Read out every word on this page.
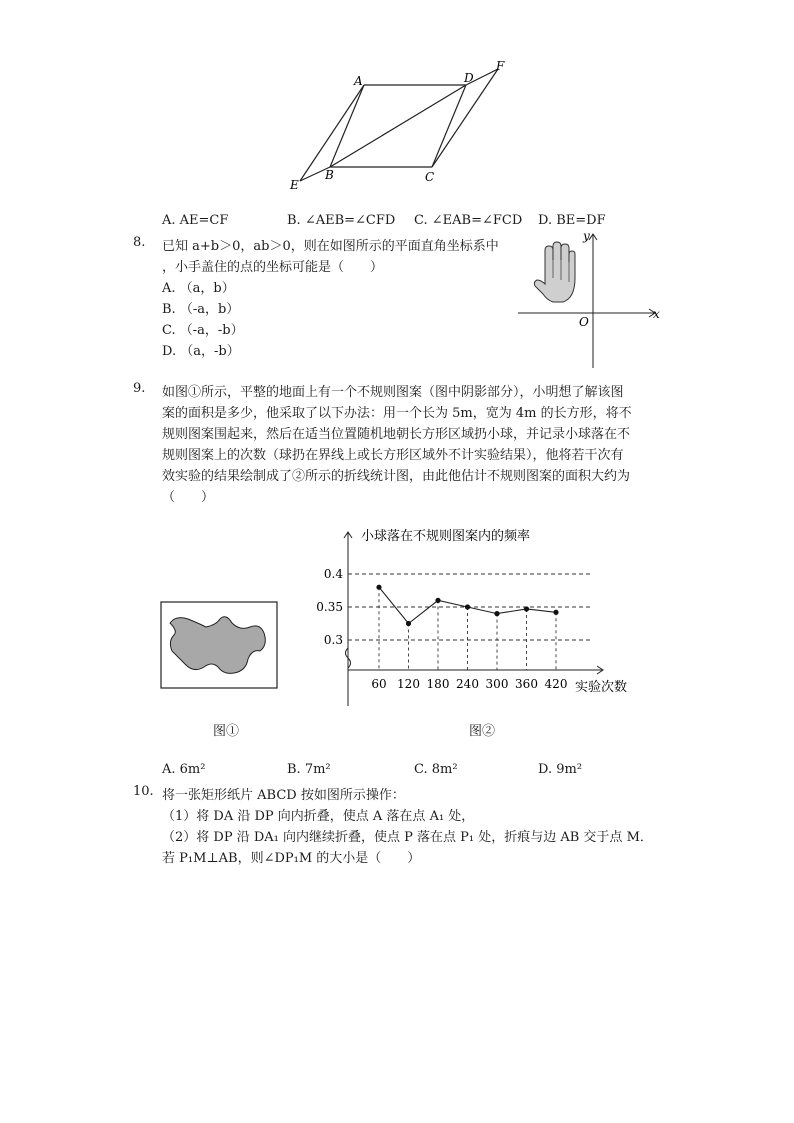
A	D
F
E
B	C
A. AE=CF	B. ∠AEB=∠CFD C. ∠EAB=∠FCD D. BE=DF
8. 已知 a+b＞0，ab＞0，则在如图所示的平面直角坐标系中
，小手盖住的点的坐标可能是（　　）
A. （a，b）
B. （-a，b）
C. （-a，-b）
D. （a，-b）
x
y
O
9. 如图①所示，平整的地面上有一个不规则图案（图中阴影部分），小明想了解该图
案的面积是多少，他采取了以下办法：用一个长为 5m，宽为 4m 的长方形，将不
规则图案围起来，然后在适当位置随机地朝长方形区域扔小球，并记录小球落在不
规则图案上的次数（球扔在界线上或长方形区域外不计实验结果），他将若干次有
效实验的结果绘制成了②所示的折线统计图，由此他估计不规则图案的面积大约为
（　　）
图①
小球落在不规则图案内的频率
0.4
0.35
0.3
60 120 180 240 300 360 420 实验次数
图②
A. 6m²	B. 7m²	C. 8m²	D. 9m²
10. 将一张矩形纸片 ABCD 按如图所示操作：
（1）将 DA 沿 DP 向内折叠，使点 A 落在点 A₁ 处，
（2）将 DP 沿 DA₁ 向内继续折叠，使点 P 落在点 P₁ 处，折痕与边 AB 交于点 M．
若 P₁M⊥AB，则∠DP₁M 的大小是（　　）
